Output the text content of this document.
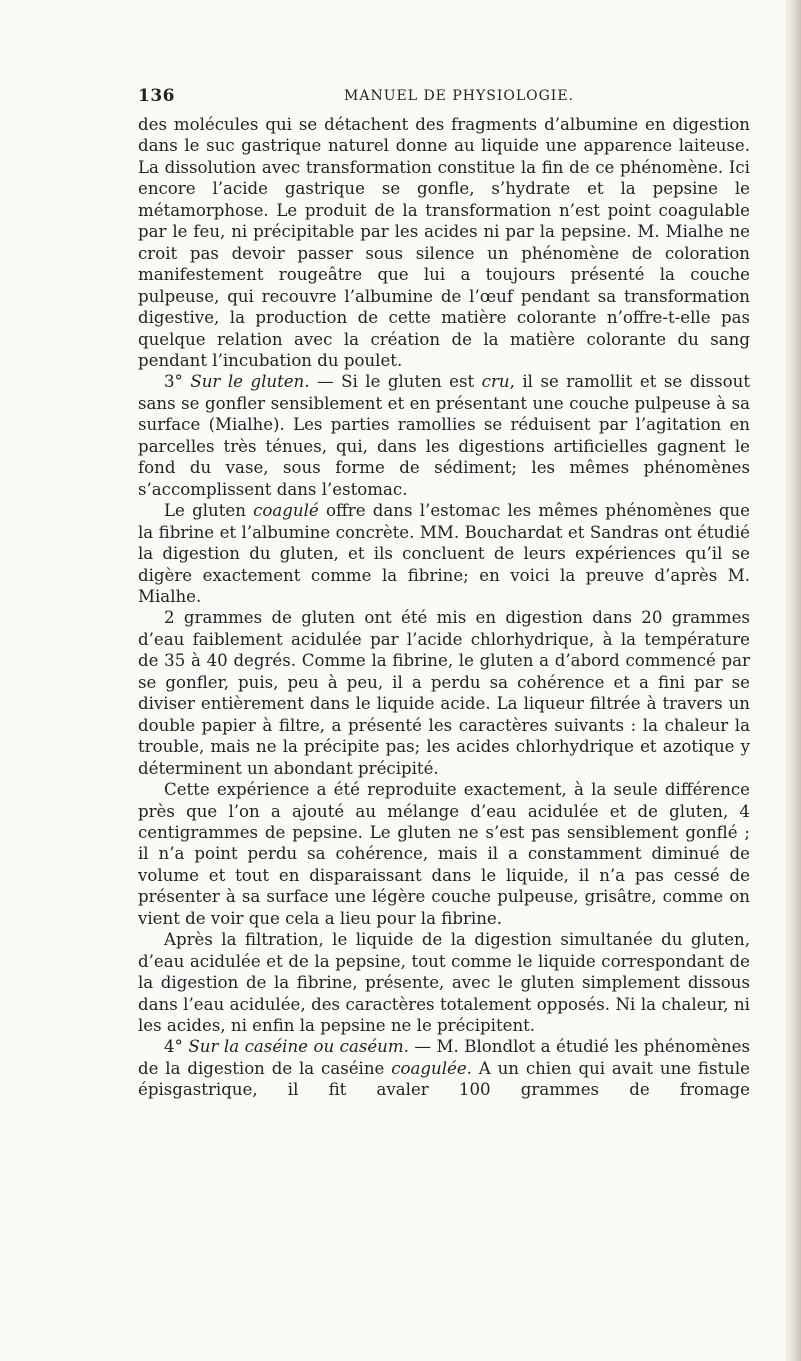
136	MANUEL DE PHYSIOLOGIE.

des molécules qui se détachent des fragments d’albumine en digestion dans le suc gastrique naturel donne au liquide une apparence laiteuse. La dissolution avec transformation constitue la fin de ce phénomène. Ici encore l’acide gastrique se gonfle, s’hydrate et la pepsine le métamorphose. Le produit de la transformation n’est point coagulable par le feu, ni précipitable par les acides ni par la pepsine. M. Mialhe ne croit pas devoir passer sous silence un phénomène de coloration manifestement rougeâtre que lui a toujours présenté la couche pulpeuse, qui recouvre l’albumine de l’œuf pendant sa transformation digestive, la production de cette matière colorante n’offre-t-elle pas quelque relation avec la création de la matière colorante du sang pendant l’incubation du poulet.

3° Sur le gluten. — Si le gluten est cru, il se ramollit et se dissout sans se gonfler sensiblement et en présentant une couche pulpeuse à sa surface (Mialhe). Les parties ramollies se réduisent par l’agitation en parcelles très ténues, qui, dans les digestions artificielles gagnent le fond du vase, sous forme de sédiment; les mêmes phénomènes s’accomplissent dans l’estomac.

Le gluten coagulé offre dans l’estomac les mêmes phénomènes que la fibrine et l’albumine concrète. MM. Bouchardat et Sandras ont étudié la digestion du gluten, et ils concluent de leurs expériences qu’il se digère exactement comme la fibrine; en voici la preuve d’après M. Mialhe.

2 grammes de gluten ont été mis en digestion dans 20 grammes d’eau faiblement acidulée par l’acide chlorhydrique, à la température de 35 à 40 degrés. Comme la fibrine, le gluten a d’abord commencé par se gonfler, puis, peu à peu, il a perdu sa cohérence et a fini par se diviser entièrement dans le liquide acide. La liqueur filtrée à travers un double papier à filtre, a présenté les caractères suivants : la chaleur la trouble, mais ne la précipite pas; les acides chlorhydrique et azotique y déterminent un abondant précipité.

Cette expérience a été reproduite exactement, à la seule différence près que l’on a ajouté au mélange d’eau acidulée et de gluten, 4 centigrammes de pepsine. Le gluten ne s’est pas sensiblement gonflé ; il n’a point perdu sa cohérence, mais il a constamment diminué de volume et tout en disparaissant dans le liquide, il n’a pas cessé de présenter à sa surface une légère couche pulpeuse, grisâtre, comme on vient de voir que cela a lieu pour la fibrine.

Après la filtration, le liquide de la digestion simultanée du gluten, d’eau acidulée et de la pepsine, tout comme le liquide correspondant de la digestion de la fibrine, présente, avec le gluten simplement dissous dans l’eau acidulée, des caractères totalement opposés. Ni la chaleur, ni les acides, ni enfin la pepsine ne le précipitent.

4° Sur la caséine ou caséum. — M. Blondlot a étudié les phénomènes de la digestion de la caséine coagulée. A un chien qui avait une fistule épisgastrique, il fit avaler 100 grammes de fromage
